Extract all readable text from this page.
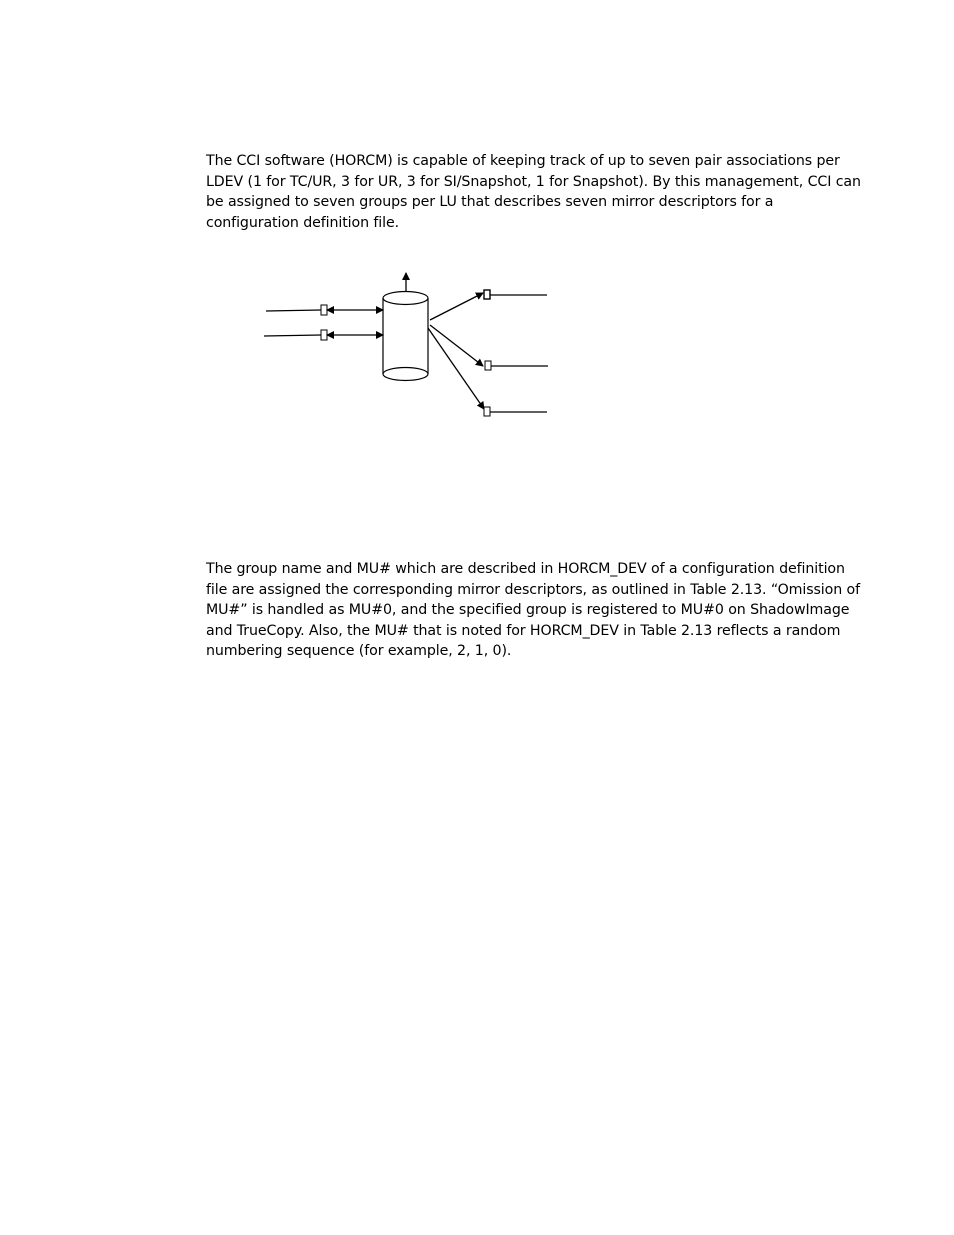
The CCI software (HORCM) is capable of keeping track of up to seven pair associations per LDEV (1 for TC/UR, 3 for UR, 3 for SI/Snapshot, 1 for Snapshot). By this management, CCI can be assigned to seven groups per LU that describes seven mirror descriptors for a configuration definition file.

The group name and MU# which are described in HORCM_DEV of a configuration definition file are assigned the corresponding mirror descriptors, as outlined in Table 2.13. “Omission of MU#” is handled as MU#0, and the specified group is registered to MU#0 on ShadowImage and TrueCopy. Also, the MU# that is noted for HORCM_DEV in Table 2.13 reflects a random numbering sequence (for example, 2, 1, 0).
